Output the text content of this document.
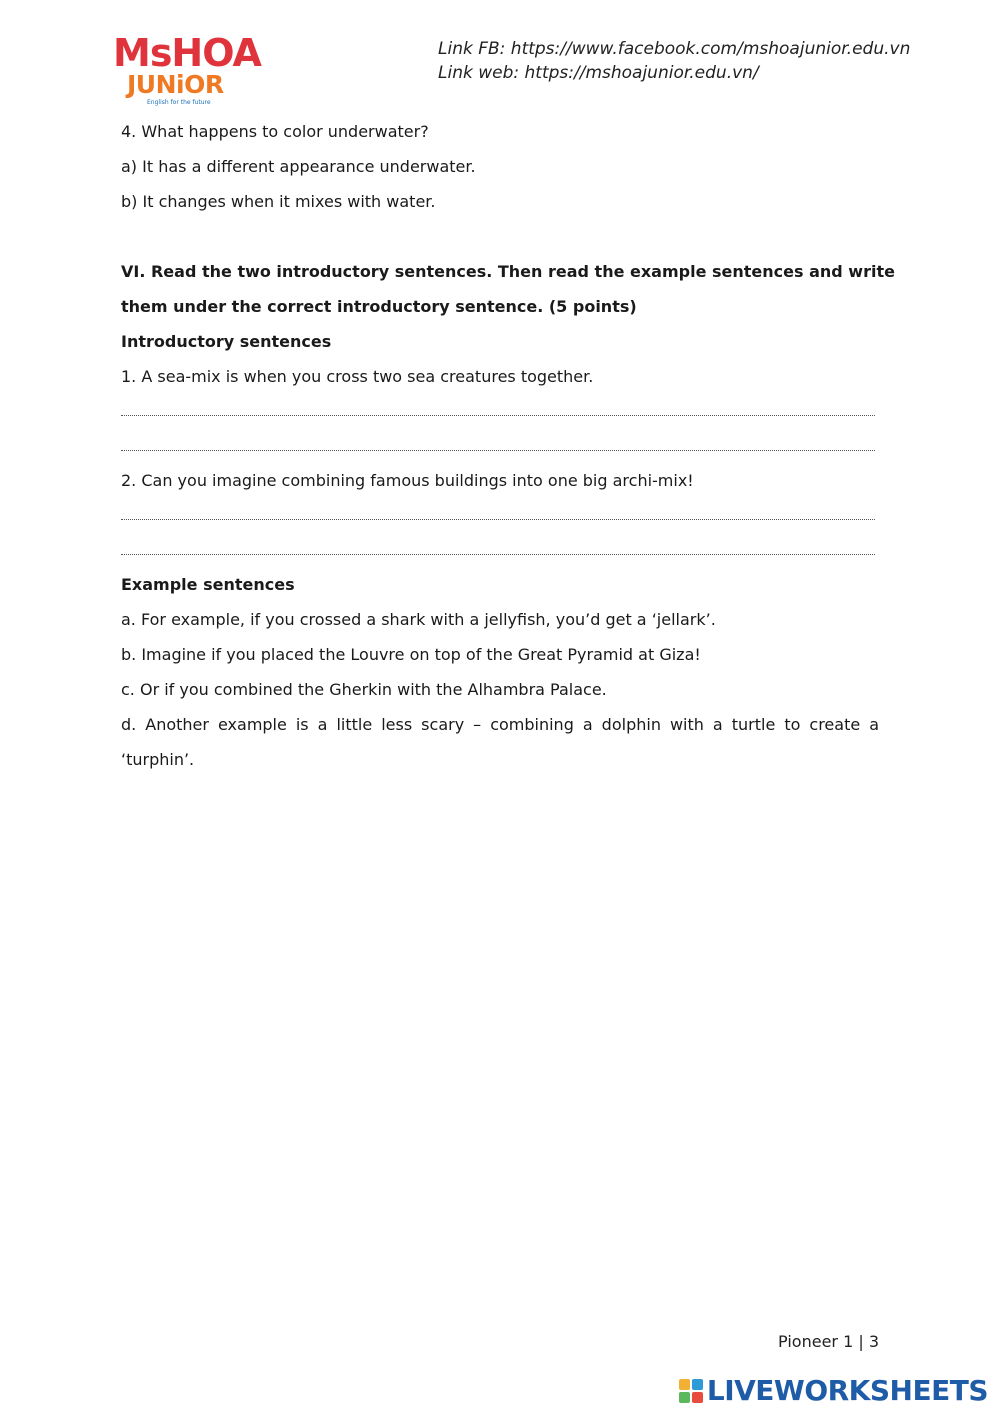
MsHOA
JUNiOR
English for the future
Link FB: https://www.facebook.com/mshoajunior.edu.vn
Link web: https://mshoajunior.edu.vn/
4. What happens to color underwater?
a) It has a different appearance underwater.
b) It changes when it mixes with water.
VI. Read the two introductory sentences. Then read the example sentences and write
them under the correct introductory sentence. (5 points)
Introductory sentences
1. A sea-mix is when you cross two sea creatures together.
2. Can you imagine combining famous buildings into one big archi-mix!
Example sentences
a. For example, if you crossed a shark with a jellyfish, you’d get a ‘jellark’.
b. Imagine if you placed the Louvre on top of the Great Pyramid at Giza!
c. Or if you combined the Gherkin with the Alhambra Palace.
d. Another example is a little less scary – combining a dolphin with a turtle to create a
‘turphin’.
Pioneer 1 | 3
LIVEWORKSHEETS
